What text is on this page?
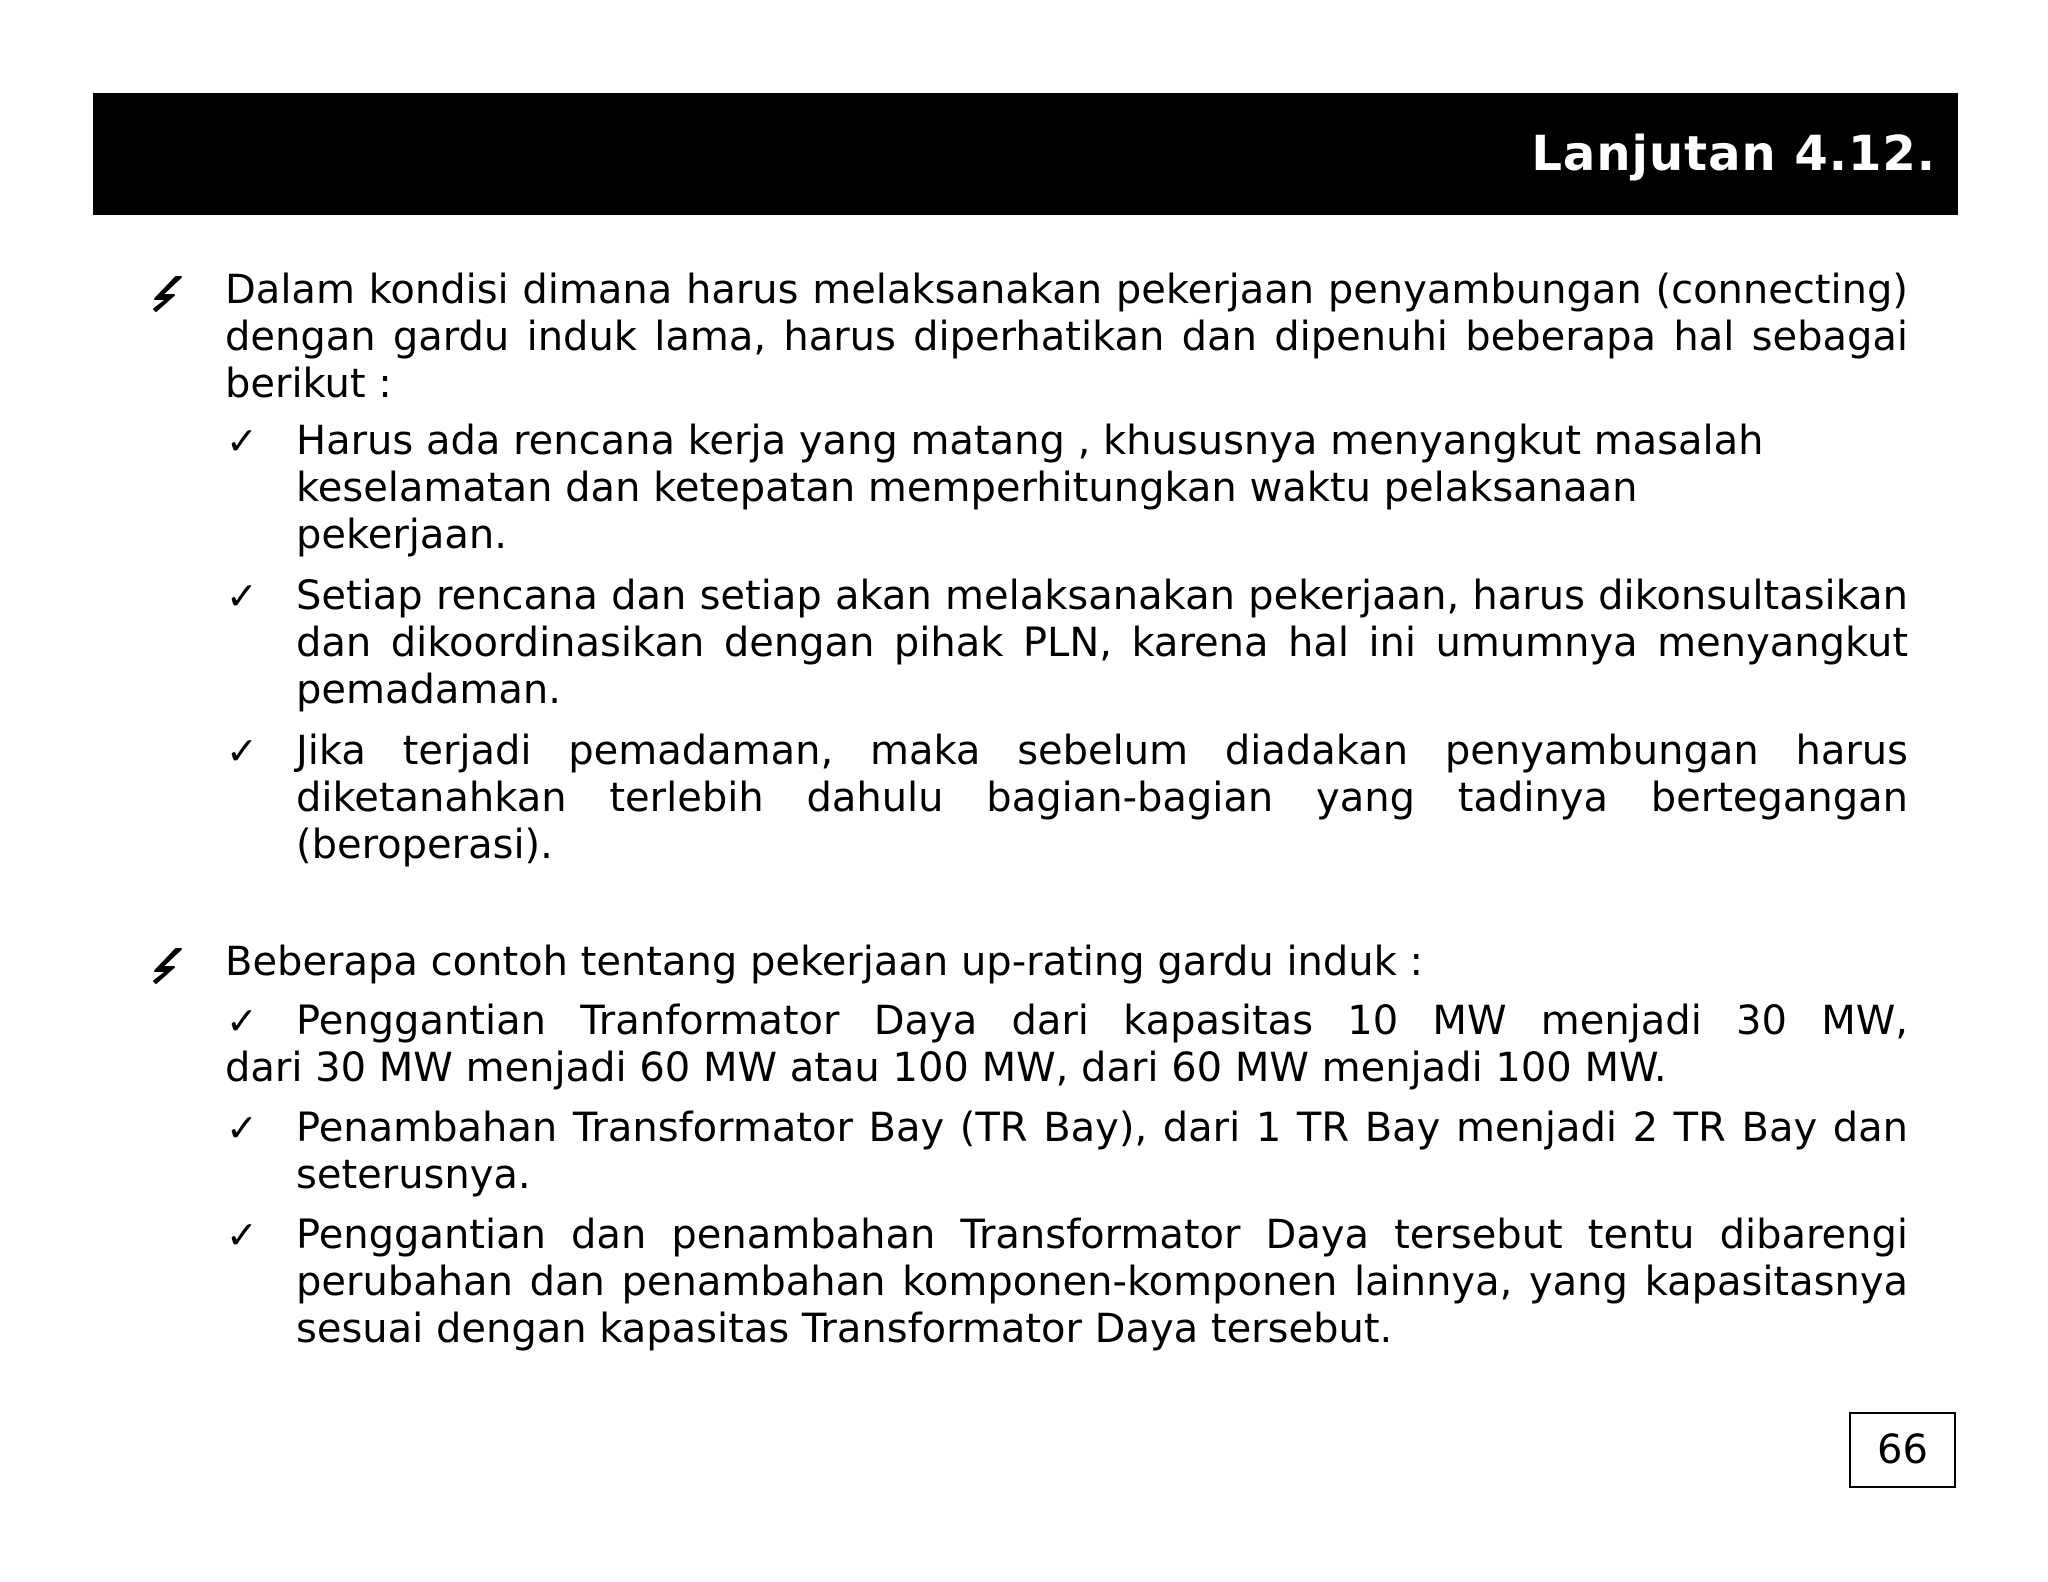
Lanjutan 4.12.
Dalam kondisi dimana harus melaksanakan pekerjaan penyambungan (connecting) dengan gardu induk lama, harus diperhatikan dan dipenuhi beberapa hal sebagai berikut :
✓ Harus ada rencana kerja yang matang , khususnya menyangkut masalah keselamatan dan ketepatan memperhitungkan waktu pelaksanaan pekerjaan.
✓ Setiap rencana dan setiap akan melaksanakan pekerjaan, harus dikonsultasikan dan dikoordinasikan dengan pihak PLN, karena hal ini umumnya menyangkut pemadaman.
✓ Jika terjadi pemadaman, maka sebelum diadakan penyambungan harus diketanahkan terlebih dahulu bagian-bagian yang tadinya bertegangan (beroperasi).
Beberapa contoh tentang pekerjaan up-rating gardu induk :
✓ Penggantian Tranformator Daya dari kapasitas 10 MW menjadi 30 MW,
dari 30 MW menjadi 60 MW atau 100 MW, dari 60 MW menjadi 100 MW.
✓ Penambahan Transformator Bay (TR Bay), dari 1 TR Bay menjadi 2 TR Bay dan seterusnya.
✓ Penggantian dan penambahan Transformator Daya tersebut tentu dibarengi perubahan dan penambahan komponen-komponen lainnya, yang kapasitasnya sesuai dengan kapasitas Transformator Daya tersebut.
66
